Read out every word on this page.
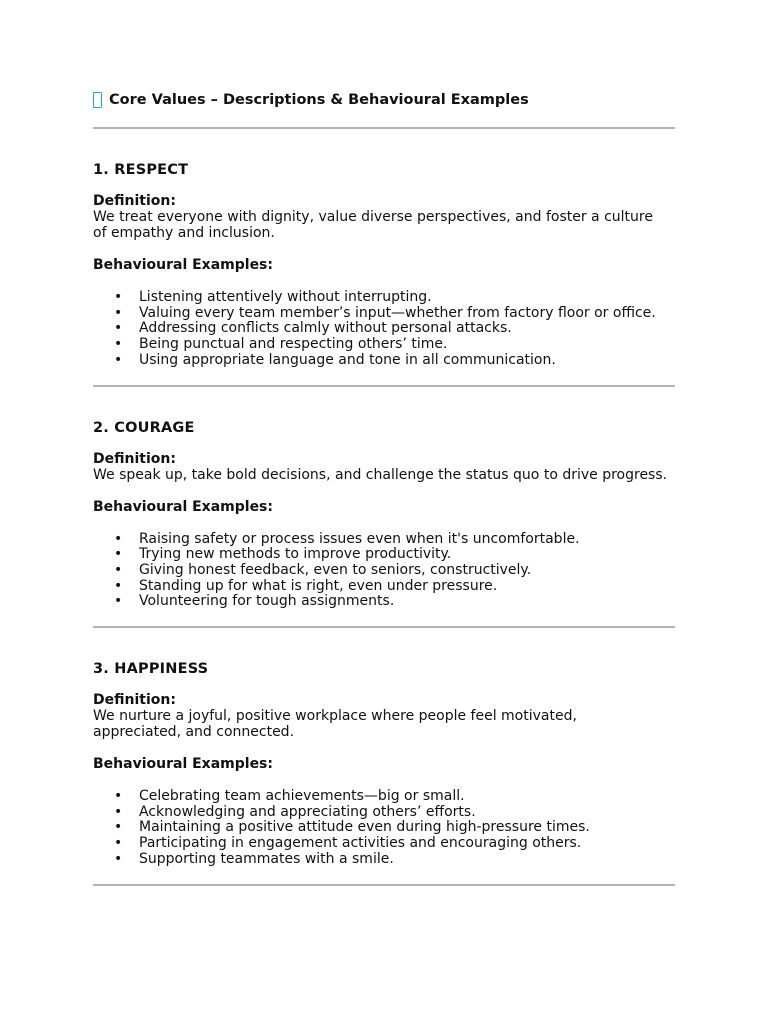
Core Values – Descriptions & Behavioural Examples
1. RESPECT
Definition:
We treat everyone with dignity, value diverse perspectives, and foster a culture of empathy and inclusion.
Behavioural Examples:
• Listening attentively without interrupting.
• Valuing every team member’s input—whether from factory floor or office.
• Addressing conflicts calmly without personal attacks.
• Being punctual and respecting others’ time.
• Using appropriate language and tone in all communication.
2. COURAGE
Definition:
We speak up, take bold decisions, and challenge the status quo to drive progress.
Behavioural Examples:
• Raising safety or process issues even when it's uncomfortable.
• Trying new methods to improve productivity.
• Giving honest feedback, even to seniors, constructively.
• Standing up for what is right, even under pressure.
• Volunteering for tough assignments.
3. HAPPINESS
Definition:
We nurture a joyful, positive workplace where people feel motivated, appreciated, and connected.
Behavioural Examples:
• Celebrating team achievements—big or small.
• Acknowledging and appreciating others’ efforts.
• Maintaining a positive attitude even during high-pressure times.
• Participating in engagement activities and encouraging others.
• Supporting teammates with a smile.
